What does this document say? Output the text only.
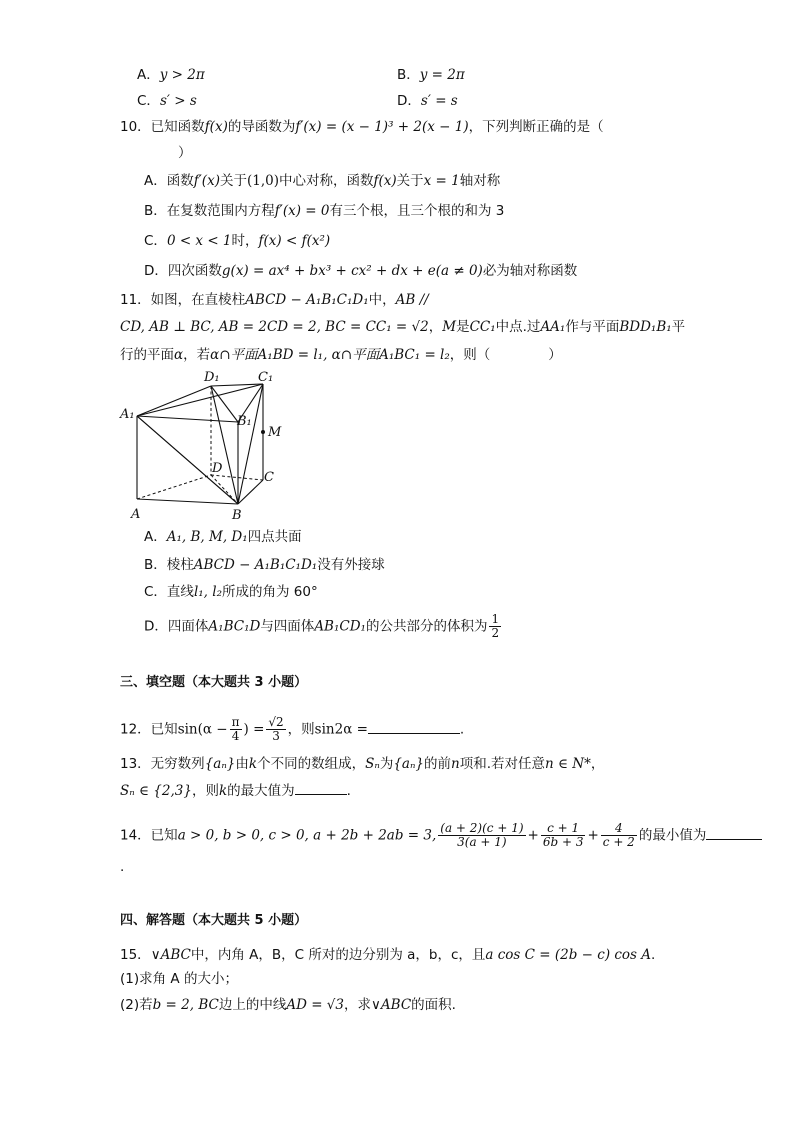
A．y > 2π	B．y = 2π
C．s′ > s	D．s′ = s
10．已知函数f(x)的导函数为f′(x) = (x − 1)³ + 2(x − 1)，下列判断正确的是（
）
A．函数f′(x)关于(1,0)中心对称，函数f(x)关于x = 1轴对称
B．在复数范围内方程f′(x) = 0有三个根，且三个根的和为 3
C．0 < x < 1时，f(x) < f(x²)
D．四次函数g(x) = ax⁴ + bx³ + cx² + dx + e(a ≠ 0)必为轴对称函数
11．如图，在直棱柱ABCD − A₁B₁C₁D₁中，AB //
CD, AB ⊥ BC, AB = 2CD = 2, BC = CC₁ = √2，M是CC₁中点.过AA₁作与平面BDD₁B₁平
行的平面α，若α∩平面A₁BD = l₁, α∩平面A₁BC₁ = l₂，则（	）
D₁	C₁
A₁	B₁
M
D
C
A	B
A．A₁, B, M, D₁四点共面
B．棱柱ABCD − A₁B₁C₁D₁没有外接球
C．直线l₁, l₂所成的角为 60°
D．四面体A₁BC₁D与四面体AB₁CD₁的公共部分的体积为 $\frac{1}{2}$
三、填空题（本大题共 3 小题）
12．已知$\sin(\alpha - \frac{\pi}{4}$ ) = $\frac{√2}{3}$ ，则sin2α =	.
13．无穷数列{aₙ}由k个不同的数组成，Sₙ为{aₙ}的前n项和.若对任意n ∈ N*，
Sₙ ∈ {2,3}，则k的最大值为	.
14．已知a > 0, b > 0, c > 0, a + 2b + 2ab = 3, $\frac{(a + 2)(c + 1)}{3(a + 1)} + \frac{c + 1}{6b + 3} + \frac{4}{c + 2}$ 的最小值为
.
四、解答题（本大题共 5 小题）
15．∨ABC中，内角 A，B，C 所对的边分别为 a，b，c，且a cos C = (2b − c) cos A.
(1)求角 A 的大小；
(2)若b = 2, BC边上的中线AD = √3，求∨ABC的面积.
